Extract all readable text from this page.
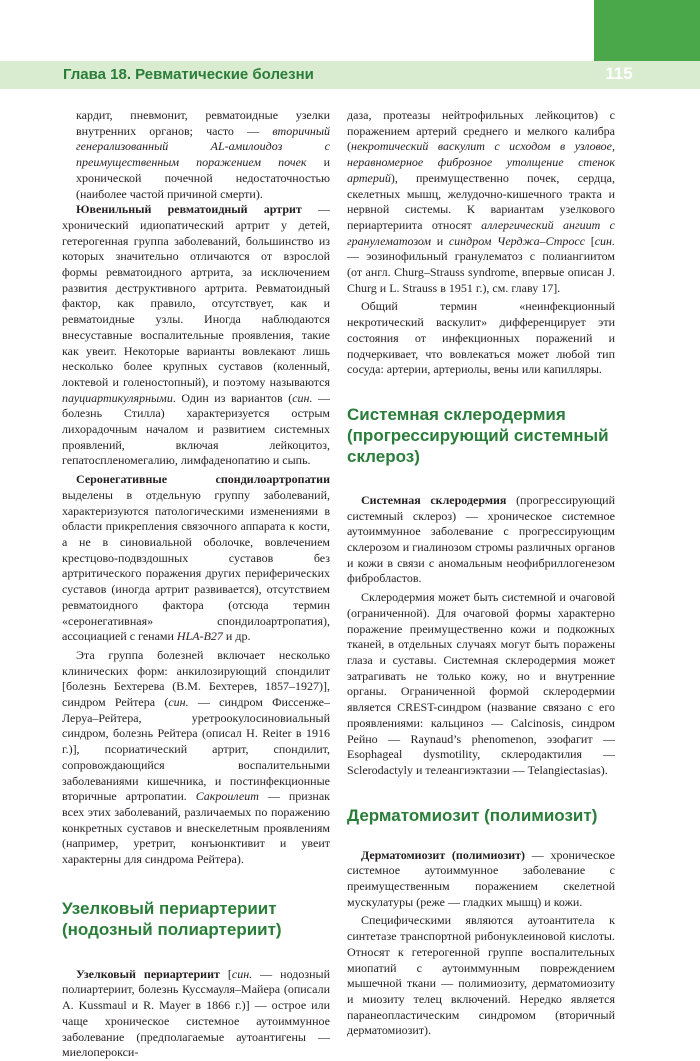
Глава 18. Ревматические болезни	115

кардит, пневмонит, ревматоидные узелки внутренних органов; часто — вторичный генерализованный AL-амилоидоз с преимущественным поражением почек и хронической почечной недостаточностью (наиболее частой причиной смерти).

Ювенильный ревматоидный артрит — хронический идиопатический артрит у детей, гетерогенная группа заболеваний, большинство из которых значительно отличаются от взрослой формы ревматоидного артрита, за исключением развития деструктивного артрита. Ревматоидный фактор, как правило, отсутствует, как и ревматоидные узлы. Иногда наблюдаются внесуставные воспалительные проявления, такие как увеит. Некоторые варианты вовлекают лишь несколько более крупных суставов (коленный, локтевой и голеностопный), и поэтому называются пауциартикулярными. Один из вариантов (син. — болезнь Стилла) характеризуется острым лихорадочным началом и развитием системных проявлений, включая лейкоцитоз, гепатоспленомегалию, лимфаденопатию и сыпь.

Серонегативные спондилоартропатии выделены в отдельную группу заболеваний, характеризуются патологическими изменениями в области прикрепления связочного аппарата к кости, а не в синовиальной оболочке, вовлечением крестцово-подвздошных суставов без артритического поражения других периферических суставов (иногда артрит развивается), отсутствием ревматоидного фактора (отсюда термин «серонегативная» спондилоартропатия), ассоциацией с генами HLA-B27 и др.

Эта группа болезней включает несколько клинических форм: анкилозирующий спондилит [болезнь Бехтерева (В.М. Бехтерев, 1857–1927)], синдром Рейтера (син. — синдром Фиссенже–Леруа–Рейтера, уретроокулосиновиальный синдром, болезнь Рейтера (описал H. Reiter в 1916 г.)], псориатический артрит, спондилит, сопровождающийся воспалительными заболеваниями кишечника, и постинфекционные вторичные артропатии. Сакроилеит — признак всех этих заболеваний, различаемых по поражению конкретных суставов и внескелетным проявлениям (например, уретрит, конъюнктивит и увеит характерны для синдрома Рейтера).

Узелковый периартериит (нодозный полиартериит)

Узелковый периартериит [син. — нодозный полиартериит, болезнь Куссмауля–Майера (описали A. Kussmaul и R. Mayer в 1866 г.)] — острое или чаще хроническое системное аутоиммунное заболевание (предполагаемые аутоантигены — миелоперокси-

даза, протеазы нейтрофильных лейкоцитов) с поражением артерий среднего и мелкого калибра (некротический васкулит с исходом в узловое, неравномерное фиброзное утолщение стенок артерий), преимущественно почек, сердца, скелетных мышц, желудочно-кишечного тракта и нервной системы. К вариантам узелкового периартериита относят аллергический ангиит с гранулематозом и синдром Черджа–Стросс [син. — эозинофильный гранулематоз с полиангиитом (от англ. Churg–Strauss syndrome, впервые описан J. Churg и L. Strauss в 1951 г.), см. главу 17].

Общий термин «неинфекционный некротический васкулит» дифференцирует эти состояния от инфекционных поражений и подчеркивает, что вовлекаться может любой тип сосуда: артерии, артериолы, вены или капилляры.

Системная склеродермия (прогрессирующий системный склероз)

Системная склеродермия (прогрессирующий системный склероз) — хроническое системное аутоиммунное заболевание с прогрессирующим склерозом и гиалинозом стромы различных органов и кожи в связи с аномальным неофибриллогенезом фибробластов.

Склеродермия может быть системной и очаговой (ограниченной). Для очаговой формы характерно поражение преимущественно кожи и подкожных тканей, в отдельных случаях могут быть поражены глаза и суставы. Системная склеродермия может затрагивать не только кожу, но и внутренние органы. Ограниченной формой склеродермии является CREST-синдром (название связано с его проявлениями: кальциноз — Calcinosis, синдром Рейно — Raynaud’s phenomenon, эзофагит — Esophageal dysmotility, склеродактилия — Sclerodactyly и телеангиэктазии — Telangiectasias).

Дерматомиозит (полимиозит)

Дерматомиозит (полимиозит) — хроническое системное аутоиммунное заболевание с преимущественным поражением скелетной мускулатуры (реже — гладких мышц) и кожи.

Специфическими являются аутоантитела к синтетазе транспортной рибонуклеиновой кислоты. Относят к гетерогенной группе воспалительных миопатий с аутоиммунным повреждением мышечной ткани — полимиозиту, дерматомиозиту и миозиту телец включений. Нередко является паранеопластическим синдромом (вторичный дерматомиозит).
